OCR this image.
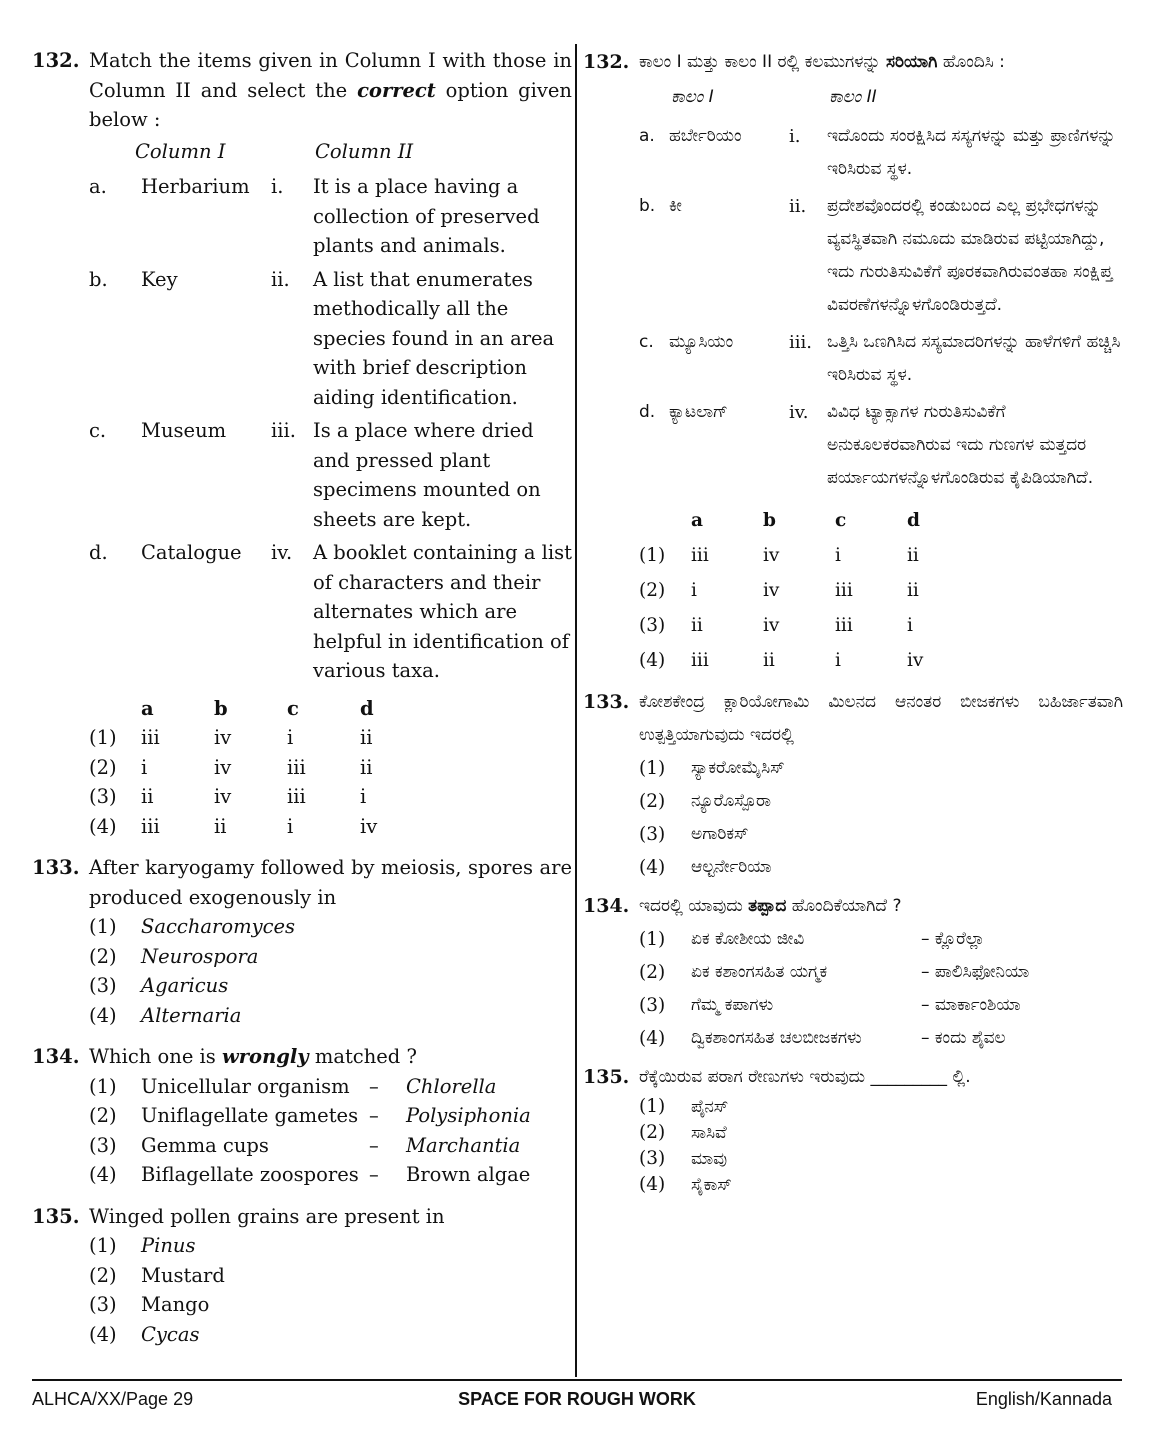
132. Match the items given in Column I with those in Column II and select the correct option given below :
Column I	Column II
a.	Herbarium	i.	It is a place having a collection of preserved plants and animals.
b.	Key	ii.	A list that enumerates methodically all the species found in an area with brief description aiding identification.
c.	Museum	iii. Is a place where dried and pressed plant specimens mounted on sheets are kept.
d.	Catalogue	iv.	A booklet containing a list of characters and their alternates which are helpful in identification of various taxa.
a	b	c	d
(1)	iii	iv	i	ii
(2)	i	iv	iii	ii
(3)	ii	iv	iii	i
(4)	iii	ii	i	iv
133. After karyogamy followed by meiosis, spores are produced exogenously in
(1)	Saccharomyces
(2)	Neurospora
(3)	Agaricus
(4)	Alternaria
134. Which one is wrongly matched ?
(1)	Unicellular organism –	Chlorella
(2)	Uniflagellate gametes –	Polysiphonia
(3)	Gemma cups	–	Marchantia
(4)	Biflagellate zoospores –	Brown algae
135. Winged pollen grains are present in
(1)	Pinus
(2)	Mustard
(3)	Mango
(4)	Cycas
132. ಕಾಲಂ I ಮತ್ತು ಕಾಲಂ II ರಲ್ಲಿ ಕಲಮುಗಳನ್ನು ಸರಿಯಾಗಿ ಹೊಂದಿಸಿ :
ಕಾಲಂ I	ಕಾಲಂ II
a. ಹರ್ಬೇರಿಯಂ	i.	ಇದೊಂದು ಸಂರಕ್ಷಿಸಿದ ಸಸ್ಯಗಳನ್ನು ಮತ್ತು ಪ್ರಾಣಿಗಳನ್ನು ಇರಿಸಿರುವ ಸ್ಥಳ.
b. ಕೀ	ii.	ಪ್ರದೇಶವೊಂದರಲ್ಲಿ ಕಂಡುಬಂದ ಎಲ್ಲ ಪ್ರಭೇಧಗಳನ್ನು ವ್ಯವಸ್ಥಿತವಾಗಿ ನಮೂದು ಮಾಡಿರುವ ಪಟ್ಟಿಯಾಗಿದ್ದು, ಇದು ಗುರುತಿಸುವಿಕೆಗೆ ಪೂರಕವಾಗಿರುವಂತಹಾ ಸಂಕ್ಷಿಪ್ತ ವಿವರಣೆಗಳನ್ನೊಳಗೊಂಡಿರುತ್ತದೆ.
c. ಮ್ಯೂಸಿಯಂ	iii. ಒತ್ತಿಸಿ ಒಣಗಿಸಿದ ಸಸ್ಯಮಾದರಿಗಳನ್ನು ಹಾಳೆಗಳಿಗೆ ಹಚ್ಚಿಸಿ ಇರಿಸಿರುವ ಸ್ಥಳ.
d. ಕ್ಯಾಟಲಾಗ್	iv.	ವಿವಿಧ ಟ್ಯಾಕ್ಸಾಗಳ ಗುರುತಿಸುವಿಕೆಗೆ ಅನುಕೂಲಕರವಾಗಿರುವ ಇದು ಗುಣಗಳ ಮತ್ತದರ ಪರ್ಯಾಯಗಳನ್ನೊಳಗೊಂಡಿರುವ ಕೈಪಿಡಿಯಾಗಿದೆ.
a	b	c	d
(1)	iii	iv	i	ii
(2)	i	iv	iii	ii
(3)	ii	iv	iii	i
(4)	iii	ii	i	iv
133. ಕೋಶಕೇಂದ್ರ ಕ್ಲಾರಿಯೋಗಾಮಿ ಮಿಲನದ ಆನಂತರ ಬೀಜಕಗಳು ಬಹಿರ್ಜಾತವಾಗಿ ಉತ್ಪತ್ತಿಯಾಗುವುದು ಇದರಲ್ಲಿ
(1)	ಸ್ಯಾಕರೋಮೈಸಿಸ್
(2)	ನ್ಯೂರೊಸ್ಪೊರಾ
(3)	ಅಗಾರಿಕಸ್
(4)	ಆಲ್ಟರ್ನೇರಿಯಾ
134. ಇದರಲ್ಲಿ ಯಾವುದು ತಪ್ಪಾದ ಹೊಂದಿಕೆಯಾಗಿದೆ ?
(1)	ಏಕ ಕೋಶೀಯ ಜೀವಿ	– ಕ್ಲೊರೆಲ್ಲಾ
(2)	ಏಕ ಕಶಾಂಗಸಹಿತ ಯಗ್ಮಕ	– ಪಾಲಿಸಿಫೋನಿಯಾ
(3)	ಗೆಮ್ಮ ಕಪಾಗಳು	– ಮಾರ್ಕಾಂಶಿಯಾ
(4)	ದ್ವಿಕಶಾಂಗಸಹಿತ ಚಲಬೀಜಕಗಳು	– ಕಂದು ಶೈವಲ
135. ರೆಕ್ಕೆಯಿರುವ ಪರಾಗ ರೇಣುಗಳು ಇರುವುದು _________ ಲ್ಲಿ.
(1)	ಪೈನಸ್
(2)	ಸಾಸಿವೆ
(3)	ಮಾವು
(4)	ಸೈಕಾಸ್
ALHCA/XX/Page 29	SPACE FOR ROUGH WORK	English/Kannada
